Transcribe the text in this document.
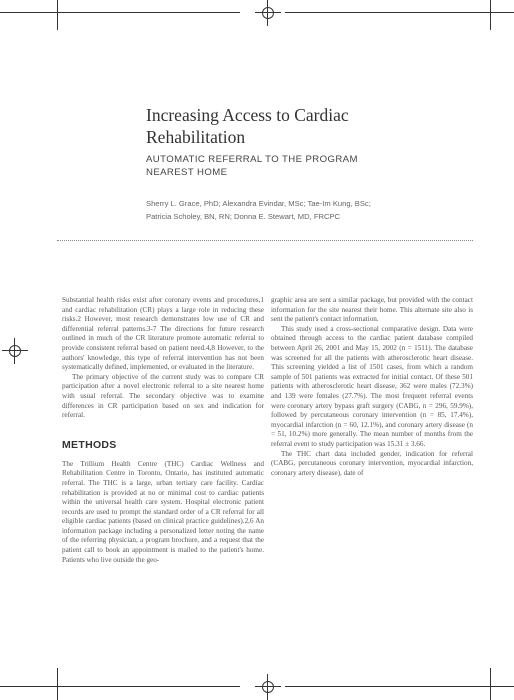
Increasing Access to Cardiac
Rehabilitation
AUTOMATIC REFERRAL TO THE PROGRAM
NEAREST HOME
Sherry L. Grace, PhD; Alexandra Evindar, MSc; Tae-Im Kung, BSc;
Patricia Scholey, BN, RN; Donna E. Stewart, MD, FRCPC

Substantial health risks exist after coronary events and procedures,1 and cardiac rehabilitation (CR) plays a large role in reducing these risks.2 However, most research demonstrates low use of CR and differential referral patterns.3-7 The directions for future research outlined in much of the CR literature promote automatic referral to provide consistent referral based on patient need.4,8 However, to the authors' knowledge, this type of referral intervention has not been systematically defined, implemented, or evaluated in the literature.

The primary objective of the current study was to compare CR participation after a novel electronic referral to a site nearest home with usual referral. The secondary objective was to examine differences in CR participation based on sex and indication for referral.

METHODS

The Trillium Health Centre (THC) Cardiac Wellness and Rehabilitation Centre in Toronto, Ontario, has instituted automatic referral. The THC is a large, urban tertiary care facility. Cardiac rehabilitation is provided at no or minimal cost to cardiac patients within the universal health care system. Hospital electronic patient records are used to prompt the standard order of a CR referral for all eligible cardiac patients (based on clinical practice guidelines).2,6 An information package including a personalized letter noting the name of the referring physician, a program brochure, and a request that the patient call to book an appointment is mailed to the patient's home. Patients who live outside the geo-

graphic area are sent a similar package, but provided with the contact information for the site nearest their home. This alternate site also is sent the patient's contact information.

This study used a cross-sectional comparative design. Data were obtained through access to the cardiac patient database compiled between April 26, 2001 and May 15, 2002 (n = 1511). The database was screened for all the patients with atherosclerotic heart disease. This screening yielded a list of 1501 cases, from which a random sample of 501 patients was extracted for initial contact. Of these 501 patients with atherosclerotic heart disease, 362 were males (72.3%) and 139 were females (27.7%). The most frequent referral events were coronary artery bypass graft surgery (CABG, n = 296, 59.9%), followed by percutaneous coronary intervention (n = 85, 17.4%), myocardial infarction (n = 60, 12.1%), and coronary artery disease (n = 51, 10.2%) more generally. The mean number of months from the referral event to study participation was 15.31 ± 3.66.

The THC chart data included gender, indication for referral (CABG, percutaneous coronary intervention, myocardial infarction, coronary artery disease), date of
